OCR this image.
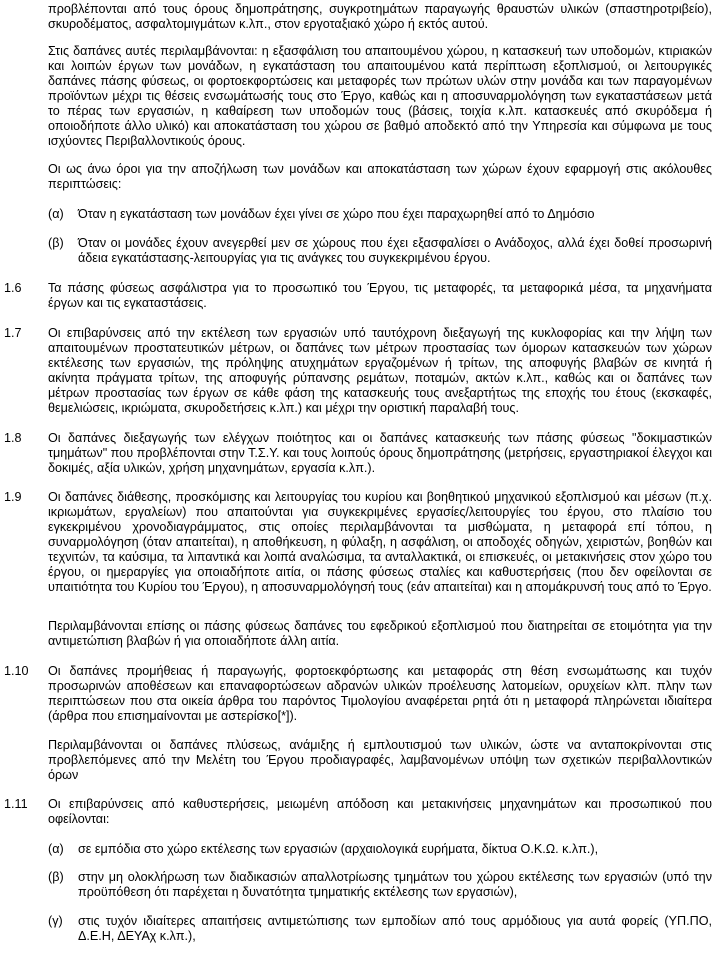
προβλέπονται από τους όρους δημοπράτησης, συγκροτημάτων παραγωγής θραυστών υλικών (σπαστηροτριβείο), σκυροδέματος, ασφαλτομιγμάτων κ.λπ., στον εργοταξιακό χώρο ή εκτός αυτού.

Στις δαπάνες αυτές περιλαμβάνονται: η εξασφάλιση του απαιτουμένου χώρου, η κατασκευή των υποδομών, κτιριακών και λοιπών έργων των μονάδων, η εγκατάσταση του απαιτουμένου κατά περίπτωση εξοπλισμού, οι λειτουργικές δαπάνες πάσης φύσεως, οι φορτοεκφορτώσεις και μεταφορές των πρώτων υλών στην μονάδα και των παραγομένων προϊόντων μέχρι τις θέσεις ενσωμάτωσής τους στο Έργο, καθώς και η αποσυναρμολόγηση των εγκαταστάσεων μετά το πέρας των εργασιών, η καθαίρεση των υποδομών τους (βάσεις, τοιχία κ.λπ. κατασκευές από σκυρόδεμα ή οποιοδήποτε άλλο υλικό) και αποκατάσταση του χώρου σε βαθμό αποδεκτό από την Υπηρεσία και σύμφωνα με τους ισχύοντες Περιβαλλοντικούς όρους.

Οι ως άνω όροι για την αποζήλωση των μονάδων και αποκατάσταση των χώρων έχουν εφαρμογή στις ακόλουθες περιπτώσεις:

(α) Όταν η εγκατάσταση των μονάδων έχει γίνει σε χώρο που έχει παραχωρηθεί από το Δημόσιο

(β) Όταν οι μονάδες έχουν ανεγερθεί μεν σε χώρους που έχει εξασφαλίσει ο Ανάδοχος, αλλά έχει δοθεί προσωρινή άδεια εγκατάστασης-λειτουργίας για τις ανάγκες του συγκεκριμένου έργου.

1.6 Τα πάσης φύσεως ασφάλιστρα για το προσωπικό του Έργου, τις μεταφορές, τα μεταφορικά μέσα, τα μηχανήματα έργων και τις εγκαταστάσεις.

1.7 Οι επιβαρύνσεις από την εκτέλεση των εργασιών υπό ταυτόχρονη διεξαγωγή της κυκλοφορίας και την λήψη των απαιτουμένων προστατευτικών μέτρων, οι δαπάνες των μέτρων προστασίας των όμορων κατασκευών των χώρων εκτέλεσης των εργασιών, της πρόληψης ατυχημάτων εργαζομένων ή τρίτων, της αποφυγής βλαβών σε κινητά ή ακίνητα πράγματα τρίτων, της αποφυγής ρύπανσης ρεμάτων, ποταμών, ακτών κ.λπ., καθώς και οι δαπάνες των μέτρων προστασίας των έργων σε κάθε φάση της κατασκευής τους ανεξαρτήτως της εποχής του έτους (εκσκαφές, θεμελιώσεις, ικριώματα, σκυροδετήσεις κ.λπ.) και μέχρι την οριστική παραλαβή τους.

1.8 Οι δαπάνες διεξαγωγής των ελέγχων ποιότητος και οι δαπάνες κατασκευής των πάσης φύσεως "δοκιμαστικών τμημάτων" που προβλέπονται στην Τ.Σ.Υ. και τους λοιπούς όρους δημοπράτησης (μετρήσεις, εργαστηριακοί έλεγχοι και δοκιμές, αξία υλικών, χρήση μηχανημάτων, εργασία κ.λπ.).

1.9 Οι δαπάνες διάθεσης, προσκόμισης και λειτουργίας του κυρίου και βοηθητικού μηχανικού εξοπλισμού και μέσων (π.χ. ικριωμάτων, εργαλείων) που απαιτούνται για συγκεκριμένες εργασίες/λειτουργίες του έργου, στο πλαίσιο του εγκεκριμένου χρονοδιαγράμματος, στις οποίες περιλαμβάνονται τα μισθώματα, η μεταφορά επί τόπου, η συναρμολόγηση (όταν απαιτείται), η αποθήκευση, η φύλαξη, η ασφάλιση, οι αποδοχές οδηγών, χειριστών, βοηθών και τεχνιτών, τα καύσιμα, τα λιπαντικά και λοιπά αναλώσιμα, τα ανταλλακτικά, οι επισκευές, οι μετακινήσεις στον χώρο του έργου, οι ημεραργίες για οποιαδήποτε αιτία, οι πάσης φύσεως σταλίες και καθυστερήσεις (που δεν οφείλονται σε υπαιτιότητα του Κυρίου του Έργου), η αποσυναρμολόγησή τους (εάν απαιτείται) και η απομάκρυνσή τους από το Έργο.

Περιλαμβάνονται επίσης οι πάσης φύσεως δαπάνες του εφεδρικού εξοπλισμού που διατηρείται σε ετοιμότητα για την αντιμετώπιση βλαβών ή για οποιαδήποτε άλλη αιτία.

1.10 Οι δαπάνες προμήθειας ή παραγωγής, φορτοεκφόρτωσης και μεταφοράς στη θέση ενσωμάτωσης και τυχόν προσωρινών αποθέσεων και επαναφορτώσεων αδρανών υλικών προέλευσης λατομείων, ορυχείων κλπ. πλην των περιπτώσεων που στα οικεία άρθρα του παρόντος Τιμολογίου αναφέρεται ρητά ότι η μεταφορά πληρώνεται ιδιαίτερα (άρθρα που επισημαίνονται με αστερίσκο[*]).

Περιλαμβάνονται οι δαπάνες πλύσεως, ανάμιξης ή εμπλουτισμού των υλικών, ώστε να ανταποκρίνονται στις προβλεπόμενες από την Μελέτη του Έργου προδιαγραφές, λαμβανομένων υπόψη των σχετικών περιβαλλοντικών όρων

1.11 Οι επιβαρύνσεις από καθυστερήσεις, μειωμένη απόδοση και μετακινήσεις μηχανημάτων και προσωπικού που οφείλονται:

(α) σε εμπόδια στο χώρο εκτέλεσης των εργασιών (αρχαιολογικά ευρήματα, δίκτυα Ο.Κ.Ω. κ.λπ.),

(β) στην μη ολοκλήρωση των διαδικασιών απαλλοτρίωσης τμημάτων του χώρου εκτέλεσης των εργασιών (υπό την προϋπόθεση ότι παρέχεται η δυνατότητα τμηματικής εκτέλεσης των εργασιών),

(γ) στις τυχόν ιδιαίτερες απαιτήσεις αντιμετώπισης των εμποδίων από τους αρμόδιους για αυτά φορείς (ΥΠ.ΠΟ, Δ.Ε.Η, ΔΕΥΑχ κ.λπ.),
